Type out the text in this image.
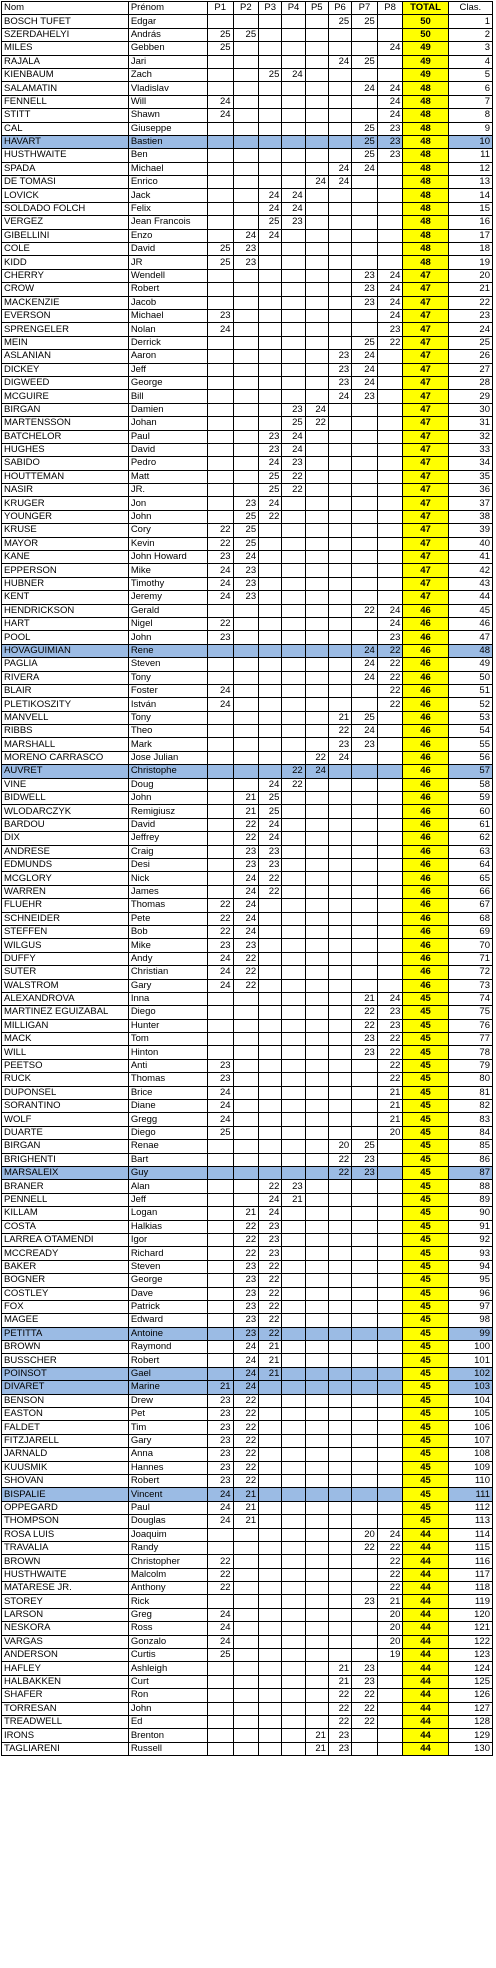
Nom	Prénom	P1	P2	P3	P4	P5	P6	P7	P8	TOTAL	Clas.
BOSCH TUFET	Edgar						25	25		50	1
SZERDAHELYI	András	25	25							50	2
MILES	Gebben	25							24	49	3
RAJALA	Jari						24	25		49	4
KIENBAUM	Zach			25	24					49	5
SALAMATIN	Vladislav							24	24	48	6
FENNELL	Will	24							24	48	7
STITT	Shawn	24							24	48	8
CAL	Giuseppe							25	23	48	9
HAVART	Bastien							25	23	48	10
HUSTHWAITE	Ben							25	23	48	11
SPADA	Michael						24	24		48	12
DE TOMASI	Enrico					24	24			48	13
LOVICK	Jack			24	24					48	14
SOLDADO FOLCH	Felix			24	24					48	15
VERGEZ	Jean Francois			25	23					48	16
GIBELLINI	Enzo		24	24						48	17
COLE	David	25	23							48	18
KIDD	JR	25	23							48	19
CHERRY	Wendell							23	24	47	20
CROW	Robert							23	24	47	21
MACKENZIE	Jacob							23	24	47	22
EVERSON	Michael	23							24	47	23
SPRENGELER	Nolan	24							23	47	24
MEIN	Derrick							25	22	47	25
ASLANIAN	Aaron						23	24		47	26
DICKEY	Jeff						23	24		47	27
DIGWEED	George						23	24		47	28
MCGUIRE	Bill						24	23		47	29
BIRGAN	Damien				23	24				47	30
MARTENSSON	Johan				25	22				47	31
BATCHELOR	Paul			23	24					47	32
HUGHES	David			23	24					47	33
SABIDO	Pedro			24	23					47	34
HOUTTEMAN	Matt			25	22					47	35
NASIR	JR.			25	22					47	36
KRUGER	Jon		23	24						47	37
YOUNGER	John		25	22						47	38
KRUSE	Cory	22	25							47	39
MAYOR	Kevin	22	25							47	40
KANE	John Howard	23	24							47	41
EPPERSON	Mike	24	23							47	42
HUBNER	Timothy	24	23							47	43
KENT	Jeremy	24	23							47	44
HENDRICKSON	Gerald							22	24	46	45
HART	Nigel	22							24	46	46
POOL	John	23							23	46	47
HOVAGUIMIAN	Rene							24	22	46	48
PAGLIA	Steven							24	22	46	49
RIVERA	Tony							24	22	46	50
BLAIR	Foster	24							22	46	51
PLETIKOSZITY	István	24							22	46	52
MANVELL	Tony						21	25		46	53
RIBBS	Theo						22	24		46	54
MARSHALL	Mark						23	23		46	55
MORENO CARRASCO	Jose Julian					22	24			46	56
AUVRET	Christophe				22	24				46	57
VINE	Doug			24	22					46	58
BIDWELL	John		21	25						46	59
WLODARCZYK	Remigiusz		21	25						46	60
BARDOU	David		22	24						46	61
DIX	Jeffrey		22	24						46	62
ANDRESE	Craig		23	23						46	63
EDMUNDS	Desi		23	23						46	64
MCGLORY	Nick		24	22						46	65
WARREN	James		24	22						46	66
FLUEHR	Thomas	22	24							46	67
SCHNEIDER	Pete	22	24							46	68
STEFFEN	Bob	22	24							46	69
WILGUS	Mike	23	23							46	70
DUFFY	Andy	24	22							46	71
SUTER	Christian	24	22							46	72
WALSTROM	Gary	24	22							46	73
ALEXANDROVA	Inna							21	24	45	74
MARTINEZ EGUIZABAL	Diego							22	23	45	75
MILLIGAN	Hunter							22	23	45	76
MACK	Tom							23	22	45	77
WILL	Hinton							23	22	45	78
PEETSO	Anti	23							22	45	79
RUCK	Thomas	23							22	45	80
DUPONSEL	Brice	24							21	45	81
SORANTINO	Diane	24							21	45	82
WOLF	Gregg	24							21	45	83
DUARTE	Diego	25							20	45	84
BIRGAN	Renae						20	25		45	85
BRIGHENTI	Bart						22	23		45	86
MARSALEIX	Guy						22	23		45	87
BRANER	Alan			22	23					45	88
PENNELL	Jeff			24	21					45	89
KILLAM	Logan		21	24						45	90
COSTA	Halkias		22	23						45	91
LARREA OTAMENDI	Igor		22	23						45	92
MCCREADY	Richard		22	23						45	93
BAKER	Steven		23	22						45	94
BOGNER	George		23	22						45	95
COSTLEY	Dave		23	22						45	96
FOX	Patrick		23	22						45	97
MAGEE	Edward		23	22						45	98
PETITTA	Antoine		23	22						45	99
BROWN	Raymond		24	21						45	100
BUSSCHER	Robert		24	21						45	101
POINSOT	Gael		24	21						45	102
DIVARET	Marine	21	24							45	103
BENSON	Drew	23	22							45	104
EASTON	Pet	23	22							45	105
FALDET	Tim	23	22							45	106
FITZJARELL	Gary	23	22							45	107
JARNALD	Anna	23	22							45	108
KUUSMIK	Hannes	23	22							45	109
SHOVAN	Robert	23	22							45	110
BISPALIE	Vincent	24	21							45	111
OPPEGARD	Paul	24	21							45	112
THOMPSON	Douglas	24	21							45	113
ROSA LUIS	Joaquim							20	24	44	114
TRAVALIA	Randy							22	22	44	115
BROWN	Christopher	22							22	44	116
HUSTHWAITE	Malcolm	22							22	44	117
MATARESE JR.	Anthony	22							22	44	118
STOREY	Rick							23	21	44	119
LARSON	Greg	24							20	44	120
NESKORA	Ross	24							20	44	121
VARGAS	Gonzalo	24							20	44	122
ANDERSON	Curtis	25							19	44	123
HAFLEY	Ashleigh						21	23		44	124
HALBAKKEN	Curt						21	23		44	125
SHAFER	Ron						22	22		44	126
TORRESAN	John						22	22		44	127
TREADWELL	Ed						22	22		44	128
IRONS	Brenton					21	23			44	129
TAGLIARENI	Russell					21	23			44	130
